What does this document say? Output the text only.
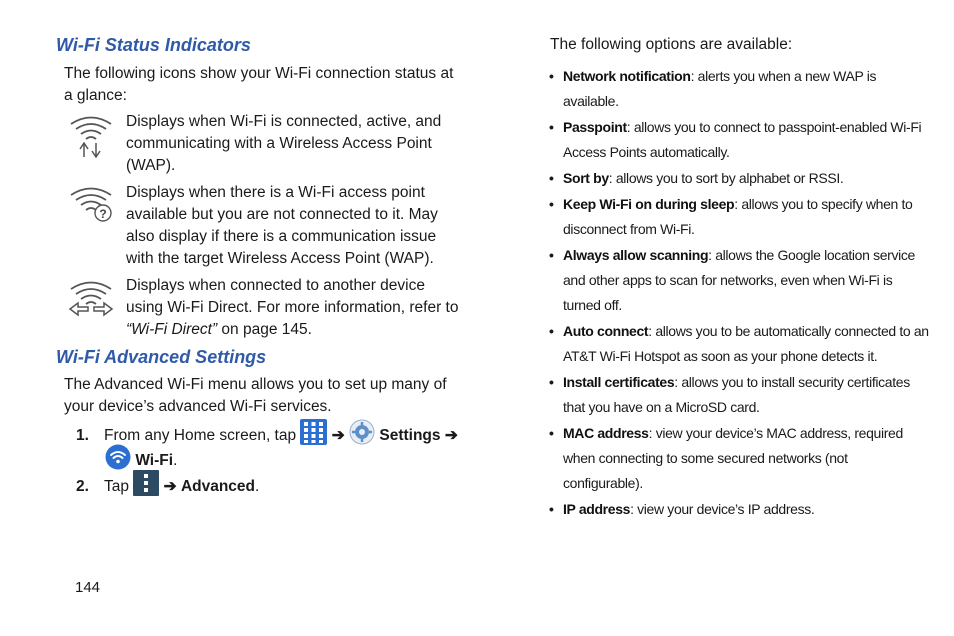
Wi-Fi Status Indicators
The following icons show your Wi-Fi connection status at a glance:
Displays when Wi-Fi is connected, active, and communicating with a Wireless Access Point (WAP).
?
Displays when there is a Wi-Fi access point available but you are not connected to it. May also display if there is a communication issue with the target Wireless Access Point (WAP).
Displays when connected to another device using Wi-Fi Direct. For more information, refer to “Wi-Fi Direct” on page 145.
Wi-Fi Advanced Settings
The Advanced Wi-Fi menu allows you to set up many of your device’s advanced Wi-Fi services.
1. From any Home screen, tap  ➔ Settings ➔
Wi-Fi.
2. Tap  ➔ Advanced.
144
The following options are available:
• Network notification: alerts you when a new WAP is available.
• Passpoint: allows you to connect to passpoint-enabled Wi-Fi Access Points automatically.
• Sort by: allows you to sort by alphabet or RSSI.
• Keep Wi-Fi on during sleep: allows you to specify when to disconnect from Wi-Fi.
• Always allow scanning: allows the Google location service and other apps to scan for networks, even when Wi-Fi is turned off.
• Auto connect: allows you to be automatically connected to an AT&T Wi-Fi Hotspot as soon as your phone detects it.
• Install certificates: allows you to install security certificates that you have on a MicroSD card.
• MAC address: view your device’s MAC address, required when connecting to some secured networks (not configurable).
• IP address: view your device’s IP address.
